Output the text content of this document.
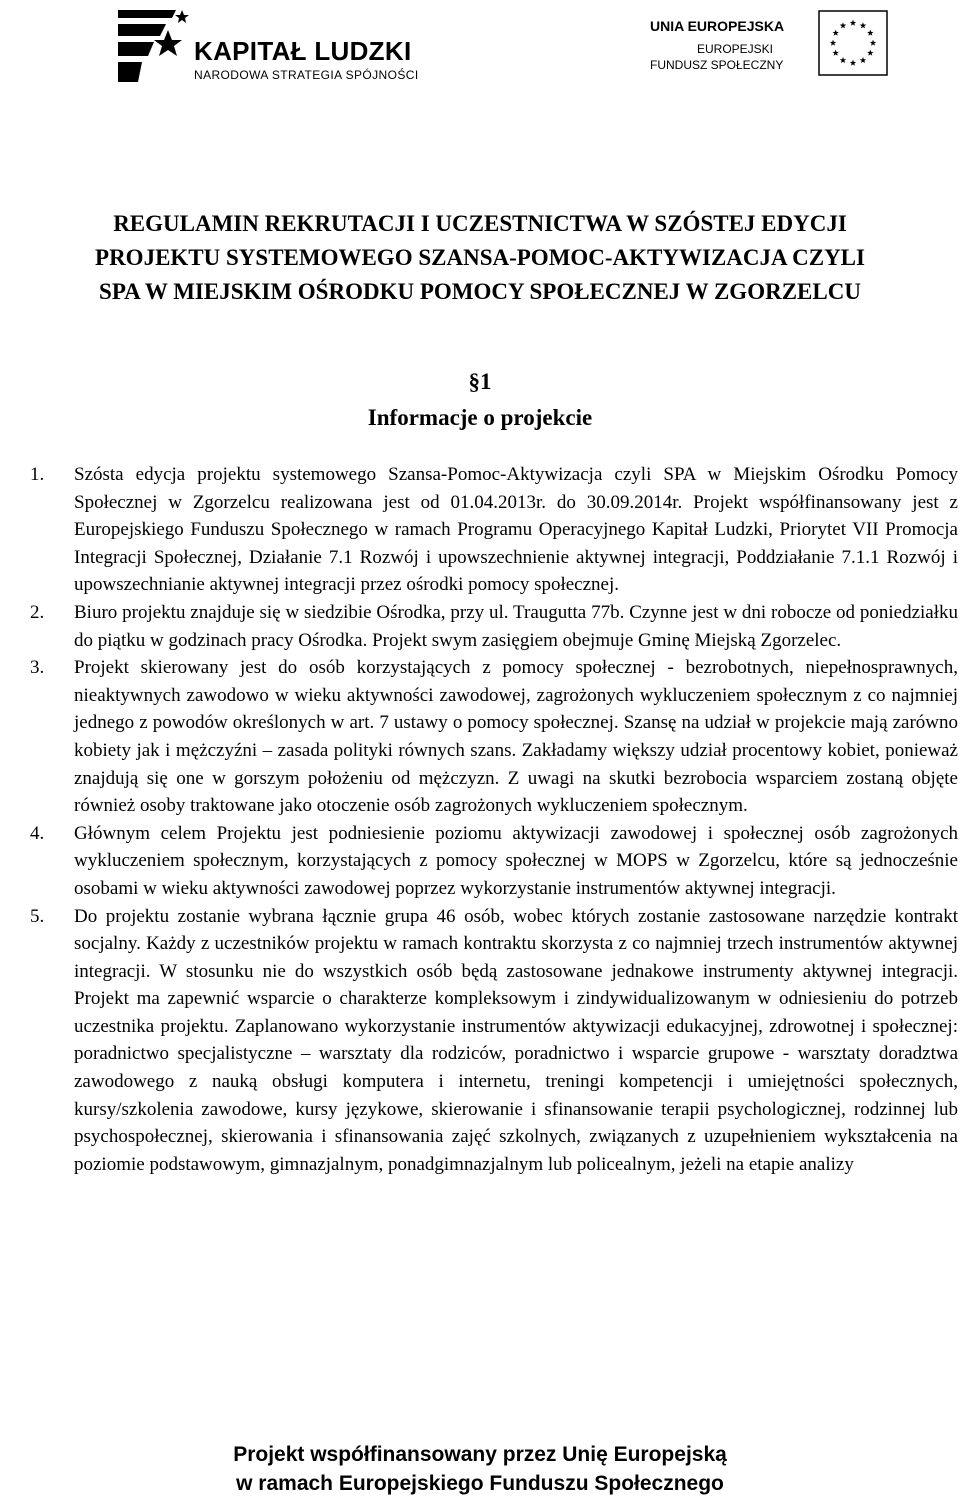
KAPITAŁ LUDZKI
NARODOWA STRATEGIA SPÓJNOŚCI
UNIA EUROPEJSKA
EUROPEJSKI
FUNDUSZ SPOŁECZNY
REGULAMIN REKRUTACJI I UCZESTNICTWA W SZÓSTEJ EDYCJI
PROJEKTU SYSTEMOWEGO SZANSA-POMOC-AKTYWIZACJA CZYLI
SPA W MIEJSKIM OŚRODKU POMOCY SPOŁECZNEJ W ZGORZELCU
§1
Informacje o projekcie
1. Szósta edycja projektu systemowego Szansa-Pomoc-Aktywizacja czyli SPA w Miejskim Ośrodku Pomocy Społecznej w Zgorzelcu realizowana jest od 01.04.2013r. do 30.09.2014r. Projekt współfinansowany jest z Europejskiego Funduszu Społecznego w ramach Programu Operacyjnego Kapitał Ludzki, Priorytet VII Promocja Integracji Społecznej, Działanie 7.1 Rozwój i upowszechnienie aktywnej integracji, Poddziałanie 7.1.1 Rozwój i upowszechnianie aktywnej integracji przez ośrodki pomocy społecznej.
2. Biuro projektu znajduje się w siedzibie Ośrodka, przy ul. Traugutta 77b. Czynne jest w dni robocze od poniedziałku do piątku w godzinach pracy Ośrodka. Projekt swym zasięgiem obejmuje Gminę Miejską Zgorzelec.
3. Projekt skierowany jest do osób korzystających z pomocy społecznej - bezrobotnych, niepełnosprawnych, nieaktywnych zawodowo w wieku aktywności zawodowej, zagrożonych wykluczeniem społecznym z co najmniej jednego z powodów określonych w art. 7 ustawy o pomocy społecznej. Szansę na udział w projekcie mają zarówno kobiety jak i mężczyźni – zasada polityki równych szans. Zakładamy większy udział procentowy kobiet, ponieważ znajdują się one w gorszym położeniu od mężczyzn. Z uwagi na skutki bezrobocia wsparciem zostaną objęte również osoby traktowane jako otoczenie osób zagrożonych wykluczeniem społecznym.
4. Głównym celem Projektu jest podniesienie poziomu aktywizacji zawodowej i społecznej osób zagrożonych wykluczeniem społecznym, korzystających z pomocy społecznej w MOPS w Zgorzelcu, które są jednocześnie osobami w wieku aktywności zawodowej poprzez wykorzystanie instrumentów aktywnej integracji.
5. Do projektu zostanie wybrana łącznie grupa 46 osób, wobec których zostanie zastosowane narzędzie kontrakt socjalny. Każdy z uczestników projektu w ramach kontraktu skorzysta z co najmniej trzech instrumentów aktywnej integracji. W stosunku nie do wszystkich osób będą zastosowane jednakowe instrumenty aktywnej integracji. Projekt ma zapewnić wsparcie o charakterze kompleksowym i zindywidualizowanym w odniesieniu do potrzeb uczestnika projektu. Zaplanowano wykorzystanie instrumentów aktywizacji edukacyjnej, zdrowotnej i społecznej: poradnictwo specjalistyczne – warsztaty dla rodziców, poradnictwo i wsparcie grupowe - warsztaty doradztwa zawodowego z nauką obsługi komputera i internetu, treningi kompetencji i umiejętności społecznych, kursy/szkolenia zawodowe, kursy językowe, skierowanie i sfinansowanie terapii psychologicznej, rodzinnej lub psychospołecznej, skierowania i sfinansowania zajęć szkolnych, związanych z uzupełnieniem wykształcenia na poziomie podstawowym, gimnazjalnym, ponadgimnazjalnym lub policealnym, jeżeli na etapie analizy
Projekt współfinansowany przez Unię Europejską
w ramach Europejskiego Funduszu Społecznego
